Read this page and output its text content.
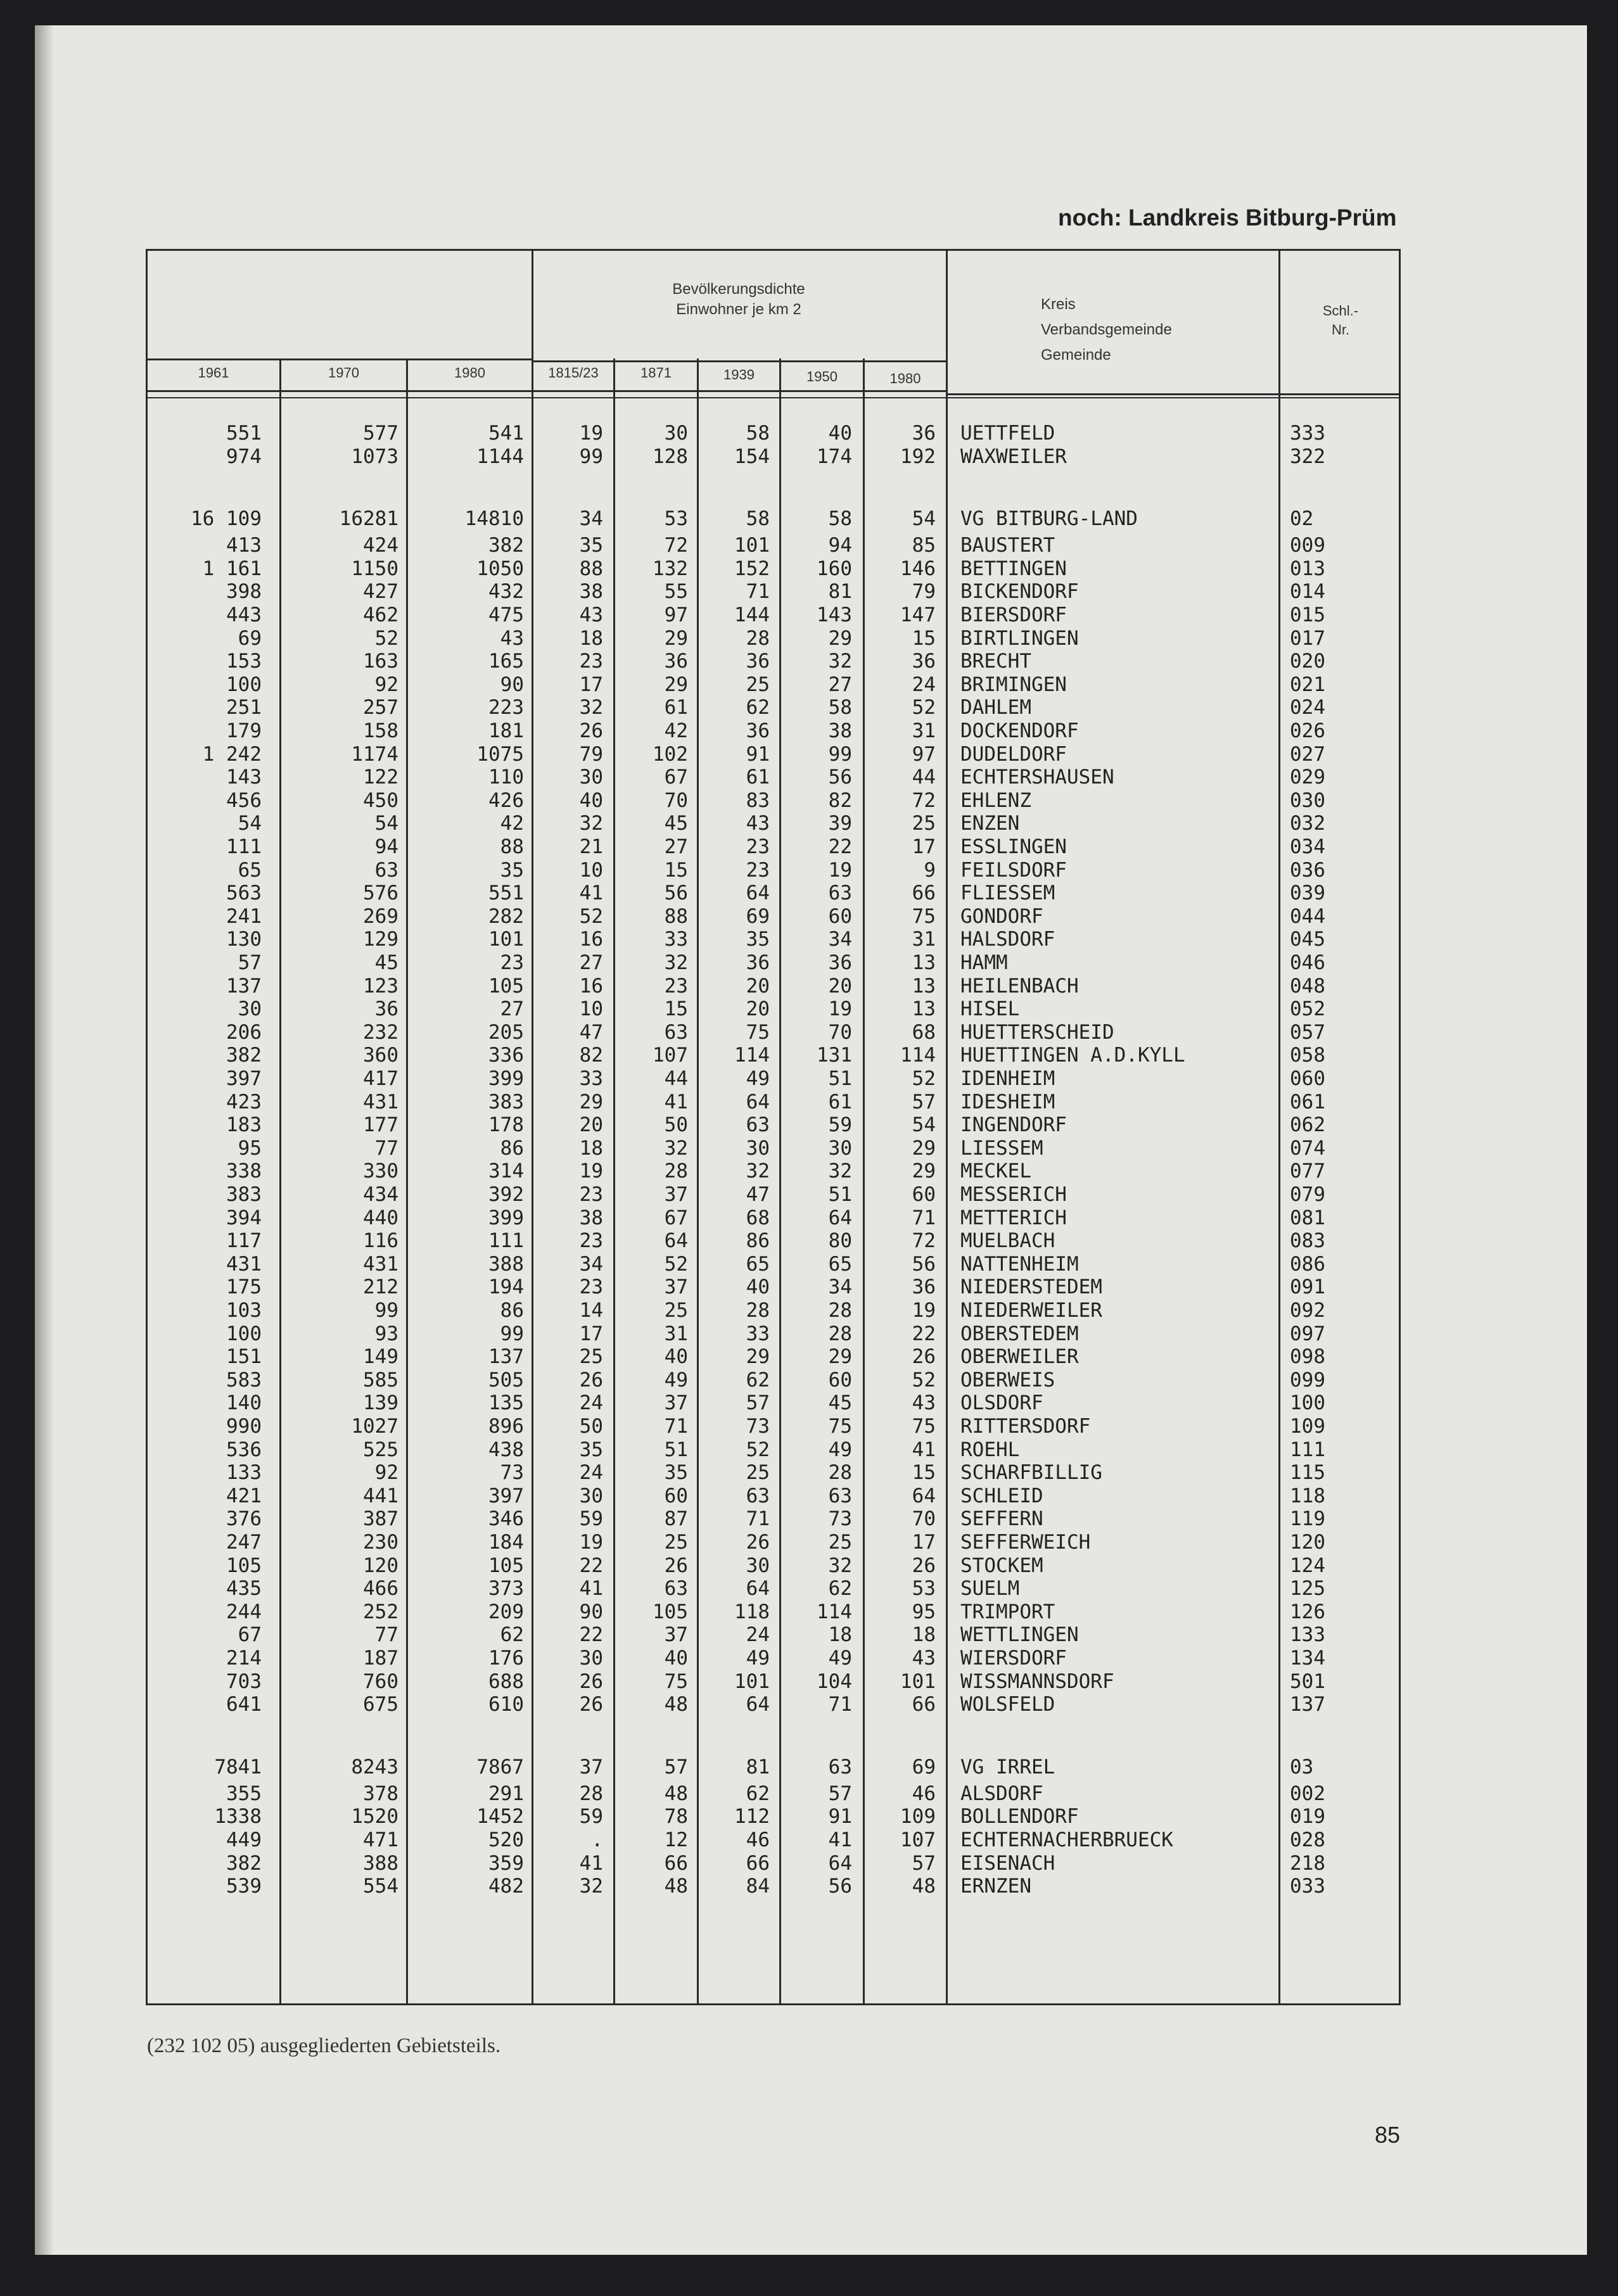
noch: Landkreis Bitburg-Prüm
Bevölkerungsdichte
Einwohner je km 2	Kreis
Verbandsgemeinde
Gemeinde
Schl.-
Nr.
1961	1970	1980	1815/23	1871	1939	1950	1980
551	577	541	19	30	58	40	36 UETTFELD	333
974	1073	1144	99	128	154	174	192 WAXWEILER	322
16 109	16281	14810	34	53	58	58	54 VG BITBURG-LAND	02
413	424	382	35	72	101	94	85 BAUSTERT	009
1 161	1150	1050	88	132	152	160	146 BETTINGEN	013
398	427	432	38	55	71	81	79 BICKENDORF	014
443	462	475	43	97	144	143	147 BIERSDORF	015
69	52	43	18	29	28	29	15 BIRTLINGEN	017
153	163	165	23	36	36	32	36 BRECHT	020
100	92	90	17	29	25	27	24 BRIMINGEN	021
251	257	223	32	61	62	58	52 DAHLEM	024
179	158	181	26	42	36	38	31 DOCKENDORF	026
1 242	1174	1075	79	102	91	99	97 DUDELDORF	027
143	122	110	30	67	61	56	44 ECHTERSHAUSEN	029
456	450	426	40	70	83	82	72 EHLENZ	030
54	54	42	32	45	43	39	25 ENZEN	032
111	94	88	21	27	23	22	17 ESSLINGEN	034
65	63	35	10	15	23	19	9 FEILSDORF	036
563	576	551	41	56	64	63	66 FLIESSEM	039
241	269	282	52	88	69	60	75 GONDORF	044
130	129	101	16	33	35	34	31 HALSDORF	045
57	45	23	27	32	36	36	13 HAMM	046
137	123	105	16	23	20	20	13 HEILENBACH	048
30	36	27	10	15	20	19	13 HISEL	052
206	232	205	47	63	75	70	68 HUETTERSCHEID	057
382	360	336	82	107	114	131	114 HUETTINGEN A.D.KYLL	058
397	417	399	33	44	49	51	52 IDENHEIM	060
423	431	383	29	41	64	61	57 IDESHEIM	061
183	177	178	20	50	63	59	54 INGENDORF	062
95	77	86	18	32	30	30	29 LIESSEM	074
338	330	314	19	28	32	32	29 MECKEL	077
383	434	392	23	37	47	51	60 MESSERICH	079
394	440	399	38	67	68	64	71 METTERICH	081
117	116	111	23	64	86	80	72 MUELBACH	083
431	431	388	34	52	65	65	56 NATTENHEIM	086
175	212	194	23	37	40	34	36 NIEDERSTEDEM	091
103	99	86	14	25	28	28	19 NIEDERWEILER	092
100	93	99	17	31	33	28	22 OBERSTEDEM	097
151	149	137	25	40	29	29	26 OBERWEILER	098
583	585	505	26	49	62	60	52 OBERWEIS	099
140	139	135	24	37	57	45	43 OLSDORF	100
990	1027	896	50	71	73	75	75 RITTERSDORF	109
536	525	438	35	51	52	49	41 ROEHL	111
133	92	73	24	35	25	28	15 SCHARFBILLIG	115
421	441	397	30	60	63	63	64 SCHLEID	118
376	387	346	59	87	71	73	70 SEFFERN	119
247	230	184	19	25	26	25	17 SEFFERWEICH	120
105	120	105	22	26	30	32	26 STOCKEM	124
435	466	373	41	63	64	62	53 SUELM	125
244	252	209	90	105	118	114	95 TRIMPORT	126
67	77	62	22	37	24	18	18 WETTLINGEN	133
214	187	176	30	40	49	49	43 WIERSDORF	134
703	760	688	26	75	101	104	101 WISSMANNSDORF	501
641	675	610	26	48	64	71	66 WOLSFELD	137
7841	8243	7867	37	57	81	63	69 VG IRREL	03
355	378	291	28	48	62	57	46 ALSDORF	002
1338	1520	1452	59	78	112	91	109 BOLLENDORF	019
449	471	520	.	12	46	41	107 ECHTERNACHERBRUECK	028
382	388	359	41	66	66	64	57 EISENACH	218
539	554	482	32	48	84	56	48 ERNZEN	033
(232 102 05) ausgegliederten Gebietsteils.
85
